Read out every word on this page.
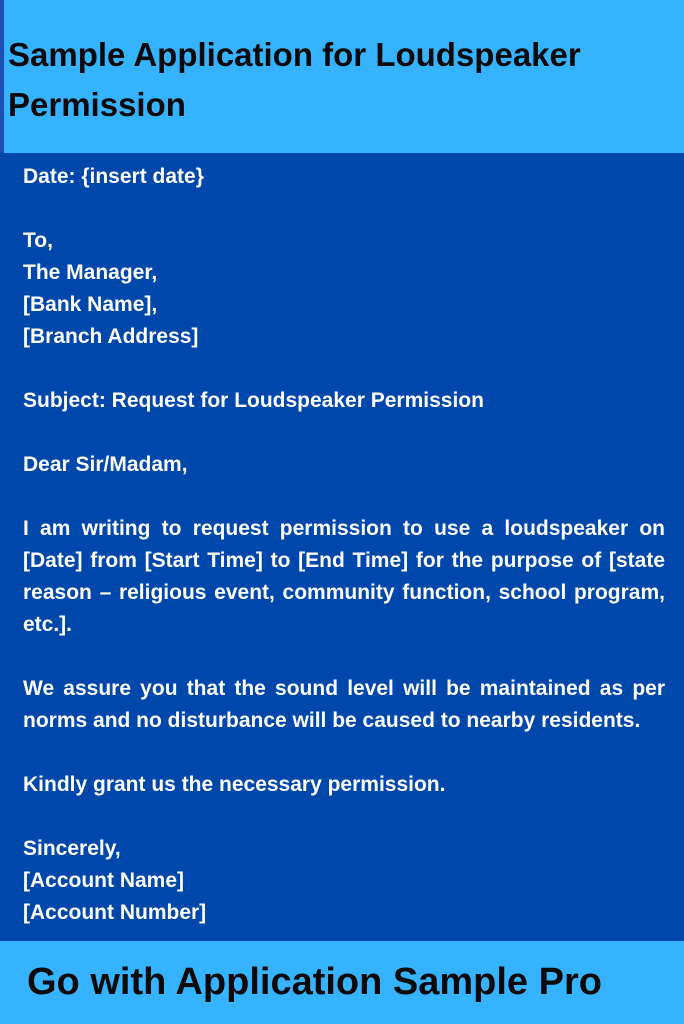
Sample Application for Loudspeaker Permission

Date: {insert date}

To,
The Manager,
[Bank Name],
[Branch Address]

Subject: Request for Loudspeaker Permission

Dear Sir/Madam,

I am writing to request permission to use a loudspeaker on [Date] from [Start Time] to [End Time] for the purpose of [state reason – religious event, community function, school program, etc.].

We assure you that the sound level will be maintained as per norms and no disturbance will be caused to nearby residents.

Kindly grant us the necessary permission.

Sincerely,
[Account Name]
[Account Number]

Go with Application Sample Pro
